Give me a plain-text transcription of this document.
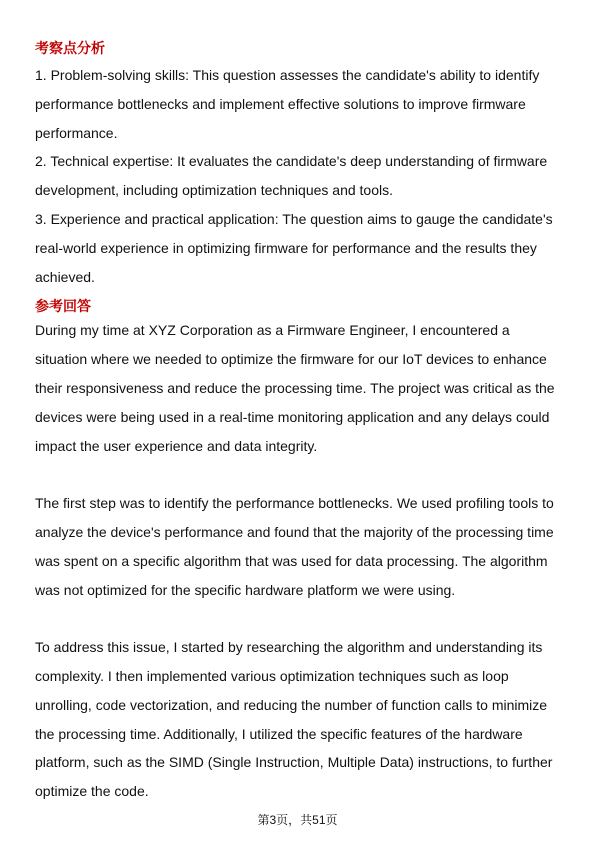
考察点分析

1. Problem-solving skills: This question assesses the candidate's ability to identify performance bottlenecks and implement effective solutions to improve firmware performance.

2. Technical expertise: It evaluates the candidate's deep understanding of firmware development, including optimization techniques and tools.

3. Experience and practical application: The question aims to gauge the candidate's real-world experience in optimizing firmware for performance and the results they achieved.

参考回答

During my time at XYZ Corporation as a Firmware Engineer, I encountered a situation where we needed to optimize the firmware for our IoT devices to enhance their responsiveness and reduce the processing time. The project was critical as the devices were being used in a real-time monitoring application and any delays could impact the user experience and data integrity.

The first step was to identify the performance bottlenecks. We used profiling tools to analyze the device's performance and found that the majority of the processing time was spent on a specific algorithm that was used for data processing. The algorithm was not optimized for the specific hardware platform we were using.

To address this issue, I started by researching the algorithm and understanding its complexity. I then implemented various optimization techniques such as loop unrolling, code vectorization, and reducing the number of function calls to minimize the processing time. Additionally, I utilized the specific features of the hardware platform, such as the SIMD (Single Instruction, Multiple Data) instructions, to further optimize the code.

第3页，共51页
